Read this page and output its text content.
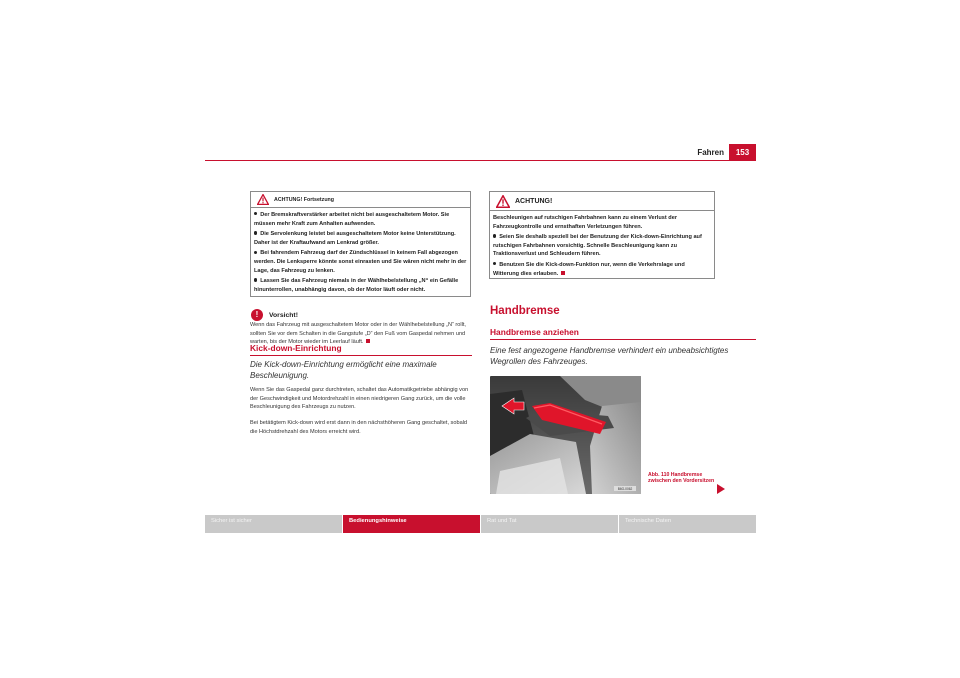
Fahren	153
ACHTUNG! Fortsetzung

Der Bremskraftverstärker arbeitet nicht bei ausgeschaltetem Motor. Sie müssen mehr Kraft zum Anhalten aufwenden.

Die Servolenkung leistet bei ausgeschaltetem Motor keine Unterstützung. Daher ist der Kraftaufwand am Lenkrad größer.

Bei fahrendem Fahrzeug darf der Zündschlüssel in keinem Fall abgezogen werden. Die Lenksperre könnte sonst einrasten und Sie wären nicht mehr in der Lage, das Fahrzeug zu lenken.

Lassen Sie das Fahrzeug niemals in der Wählhebelstellung „N“ ein Gefälle hinunterrollen, unabhängig davon, ob der Motor läuft oder nicht.

!	Vorsicht!

Wenn das Fahrzeug mit ausgeschaltetem Motor oder in der Wählhebelstellung „N“ rollt, sollten Sie vor dem Schalten in die Gangstufe „D“ den Fuß vom Gaspedal nehmen und warten, bis der Motor wieder im Leerlauf läuft.

Kick-down-Einrichtung

Die Kick-down-Einrichtung ermöglicht eine maximale Beschleunigung.

Wenn Sie das Gaspedal ganz durchtreten, schaltet das Automatikgetriebe abhängig von der Geschwindigkeit und Motordrehzahl in einen niedrigeren Gang zurück, um die volle Beschleunigung des Fahrzeugs zu nutzen.

Bei betätigtem Kick-down wird erst dann in den nächsthöheren Gang geschaltet, sobald die Höchstdrehzahl des Motors erreicht wird.

ACHTUNG!

Beschleunigen auf rutschigen Fahrbahnen kann zu einem Verlust der Fahrzeugkontrolle und ernsthaften Verletzungen führen.

Seien Sie deshalb speziell bei der Benutzung der Kick-down-Einrichtung auf rutschigen Fahrbahnen vorsichtig. Schnelle Beschleunigung kann zu Traktionsverlust und Schleudern führen.

Benutzen Sie die Kick-down-Funktion nur, wenn die Verkehrslage und Witterung dies erlauben.

Handbremse
Handbremse anziehen

Eine fest angezogene Handbremse verhindert ein unbeabsichtigtes Wegrollen des Fahrzeuges.

B6G-0062
Abb. 110 Handbremse zwischen den Vordersitzen
Sicher ist sicher	Bedienungshinweise	Rat und Tat	Technische Daten
